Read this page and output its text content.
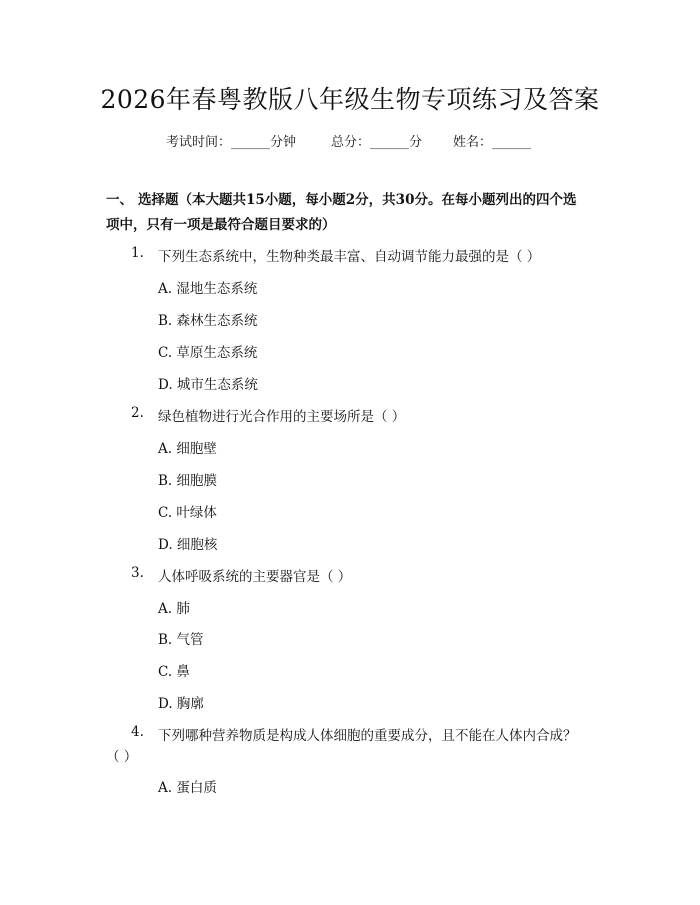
2026年春粤教版八年级生物专项练习及答案
考试时间：______分钟	总分：______分 姓名：______
一、 选择题（本大题共15小题，每小题2分，共30分。在每小题列出的四个选
项中，只有一项是最符合题目要求的）
1. 下列生态系统中，生物种类最丰富、自动调节能力最强的是（ ）
A. 湿地生态系统
B. 森林生态系统
C. 草原生态系统
D. 城市生态系统
2. 绿色植物进行光合作用的主要场所是（ ）
A. 细胞壁
B. 细胞膜
C. 叶绿体
D. 细胞核
3. 人体呼吸系统的主要器官是（ ）
A. 肺
B. 气管
C. 鼻
D. 胸廓
4. 下列哪种营养物质是构成人体细胞的重要成分，且不能在人体内合成？
（ ）
A. 蛋白质
